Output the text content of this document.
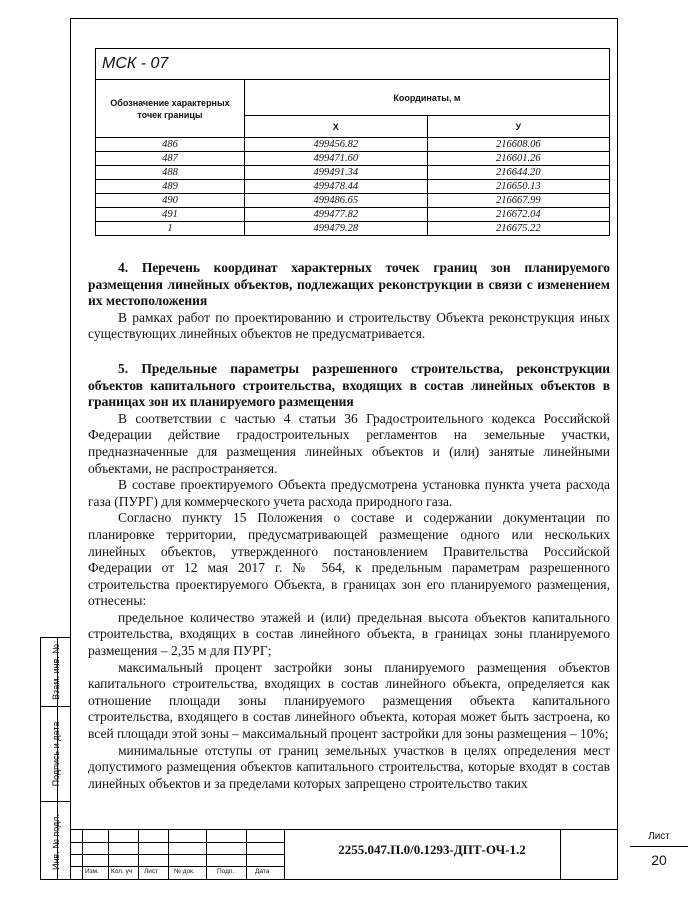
Взам. инв. №
Подпись и дата
Инв. № подл.
МСК - 07		
Обозначение характерных точек границы	Координаты, м	
	X	У
486	499456.82	216608.06
487	499471.60	216601.26
488	499491.34	216644.20
489	499478.44	216650.13
490	499486.65	216667.99
491	499477.82	216672.04
1	499479.28	216675.22
4. Перечень координат характерных точек границ зон планируемого размещения линейных объектов, подлежащих реконструкции в связи с изменением их местоположения

В рамках работ по проектированию и строительству Объекта реконструкция иных существующих линейных объектов не предусматривается.

5. Предельные параметры разрешенного строительства, реконструкции объектов капитального строительства, входящих в состав линейных объектов в границах зон их планируемого размещения

В соответствии с частью 4 статьи 36 Градостроительного кодекса Российской Федерации действие градостроительных регламентов на земельные участки, предназначенные для размещения линейных объектов и (или) занятые линейными объектами, не распространяется.

В составе проектируемого Объекта предусмотрена установка пункта учета расхода газа (ПУРГ) для коммерческого учета расхода природного газа.

Согласно пункту 15 Положения о составе и содержании документации по планировке территории, предусматривающей размещение одного или нескольких линейных объектов, утвержденного постановлением Правительства Российской Федерации от 12 мая 2017 г. № 564, к предельным параметрам разрешенного строительства проектируемого Объекта, в границах зон его планируемого размещения, отнесены:

предельное количество этажей и (или) предельная высота объектов капитального строительства, входящих в состав линейного объекта, в границах зоны планируемого размещения – 2,35 м для ПУРГ;

максимальный процент застройки зоны планируемого размещения объектов капитального строительства, входящих в состав линейного объекта, определяется как отношение площади зоны планируемого размещения объекта капитального строительства, входящего в состав линейного объекта, которая может быть застроена, ко всей площади этой зоны – максимальный процент застройки для зоны размещения – 10%;

минимальные отступы от границ земельных участков в целях определения мест допустимого размещения объектов капитального строительства, которые входят в состав линейных объектов и за пределами которых запрещено строительство таких

Изм. Кол. уч Лист № док.	Подп.	Дата
2255.047.П.0/0.1293-ДПТ-ОЧ-1.2
Лист
20
